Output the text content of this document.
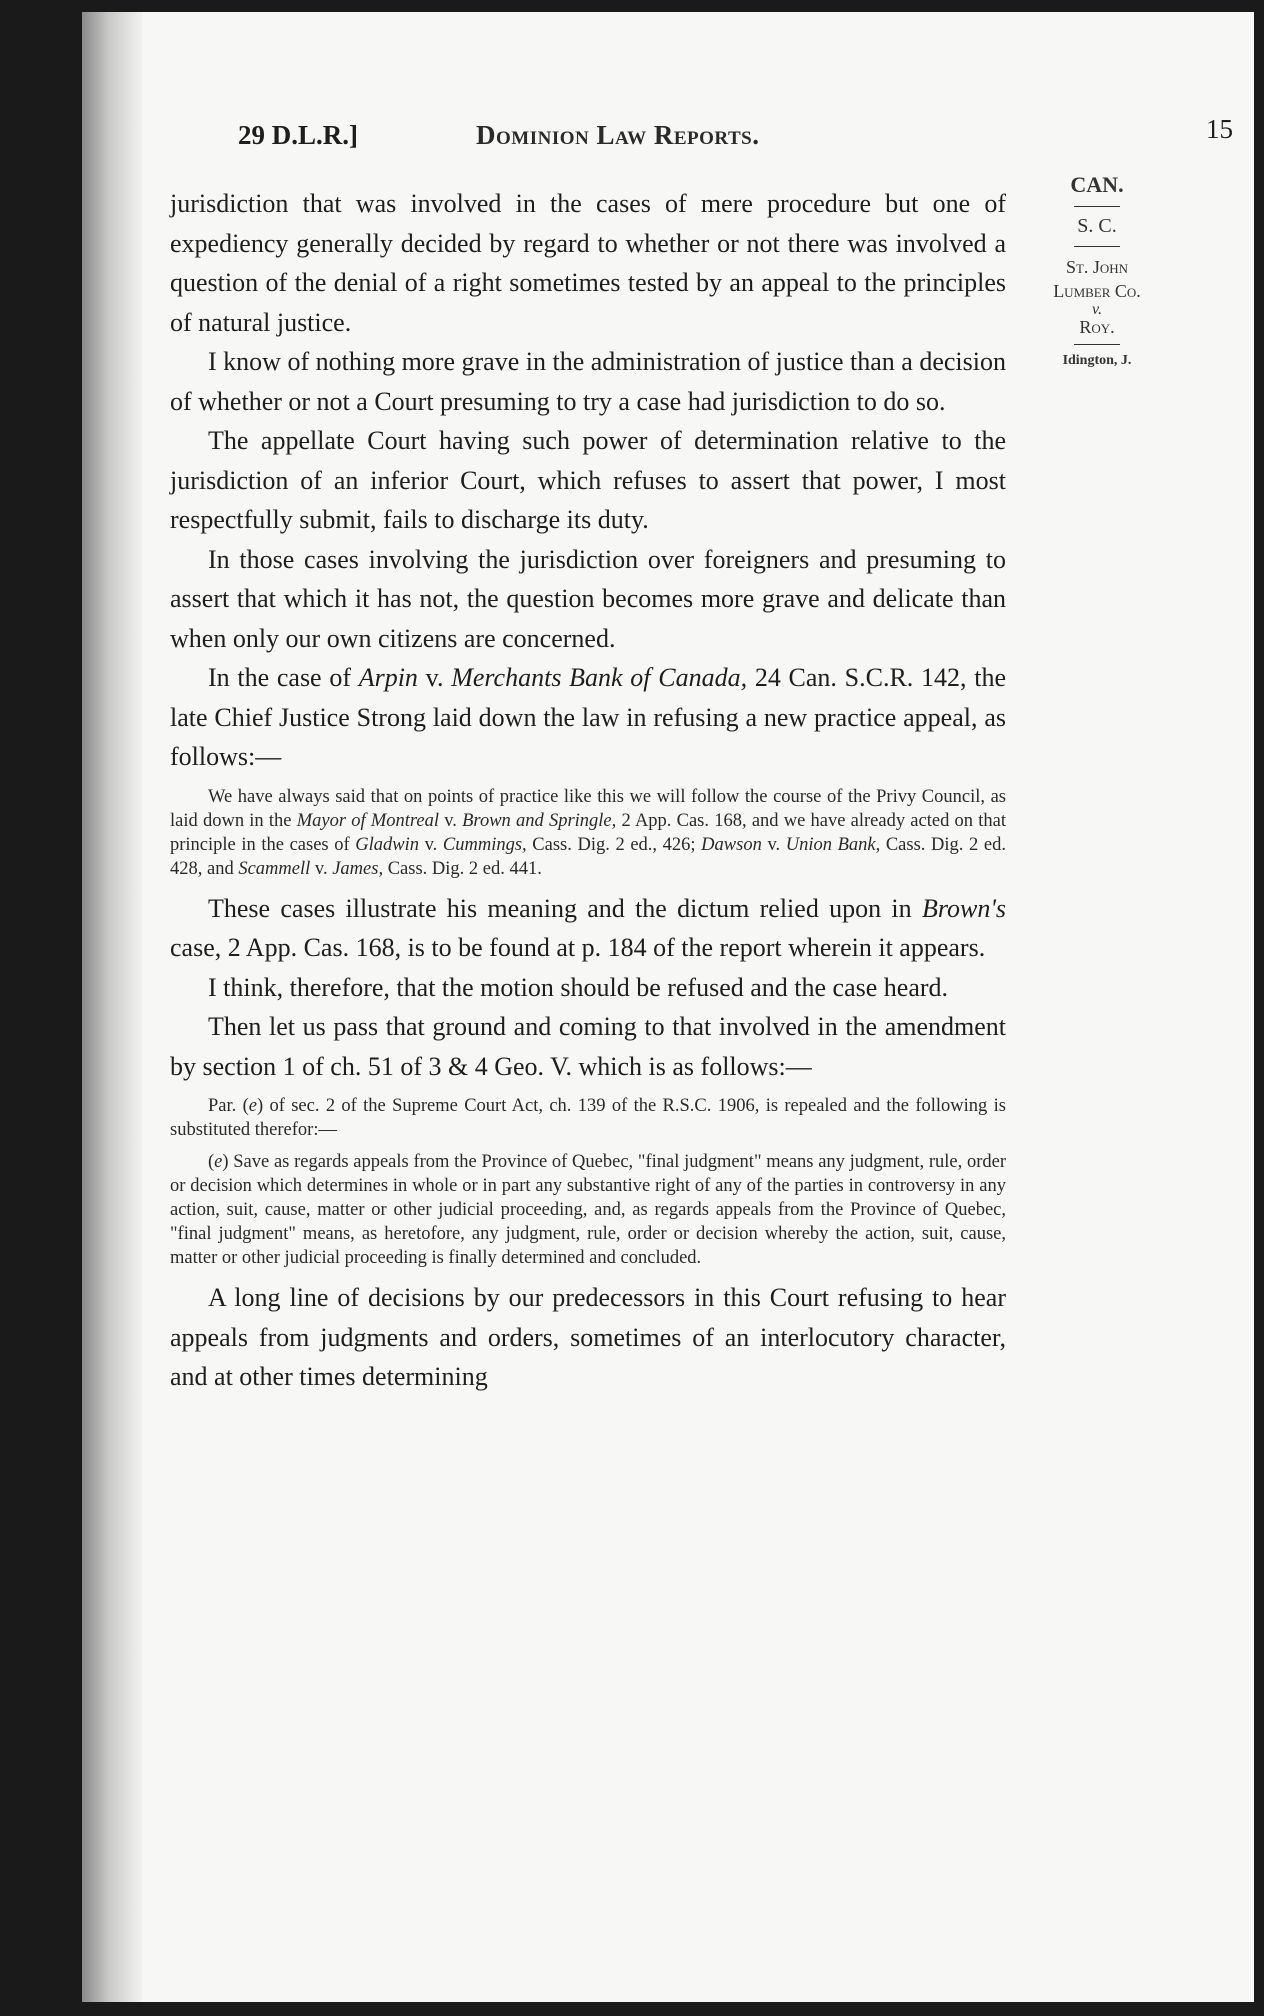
29 D.L.R.]	Dominion Law Reports.	15
CAN.
S. C.
St. John
Lumber Co.
v.
Roy.
Idington, J.

jurisdiction that was involved in the cases of mere procedure but one of expediency generally decided by regard to whether or not there was involved a question of the denial of a right sometimes tested by an appeal to the principles of natural justice.

I know of nothing more grave in the administration of justice than a decision of whether or not a Court presuming to try a case had jurisdiction to do so.

The appellate Court having such power of determination relative to the jurisdiction of an inferior Court, which refuses to assert that power, I most respectfully submit, fails to discharge its duty.

In those cases involving the jurisdiction over foreigners and presuming to assert that which it has not, the question becomes more grave and delicate than when only our own citizens are concerned.

In the case of Arpin v. Merchants Bank of Canada, 24 Can. S.C.R. 142, the late Chief Justice Strong laid down the law in refusing a new practice appeal, as follows:—

We have always said that on points of practice like this we will follow the course of the Privy Council, as laid down in the Mayor of Montreal v. Brown and Springle, 2 App. Cas. 168, and we have already acted on that principle in the cases of Gladwin v. Cummings, Cass. Dig. 2 ed., 426; Dawson v. Union Bank, Cass. Dig. 2 ed. 428, and Scammell v. James, Cass. Dig. 2 ed. 441.

These cases illustrate his meaning and the dictum relied upon in Brown's case, 2 App. Cas. 168, is to be found at p. 184 of the report wherein it appears.

I think, therefore, that the motion should be refused and the case heard.

Then let us pass that ground and coming to that involved in the amendment by section 1 of ch. 51 of 3 & 4 Geo. V. which is as follows:—

Par. (e) of sec. 2 of the Supreme Court Act, ch. 139 of the R.S.C. 1906, is repealed and the following is substituted therefor:—

(e) Save as regards appeals from the Province of Quebec, "final judgment" means any judgment, rule, order or decision which determines in whole or in part any substantive right of any of the parties in controversy in any action, suit, cause, matter or other judicial proceeding, and, as regards appeals from the Province of Quebec, "final judgment" means, as heretofore, any judgment, rule, order or decision whereby the action, suit, cause, matter or other judicial proceeding is finally determined and concluded.

A long line of decisions by our predecessors in this Court refusing to hear appeals from judgments and orders, sometimes of an interlocutory character, and at other times determining
